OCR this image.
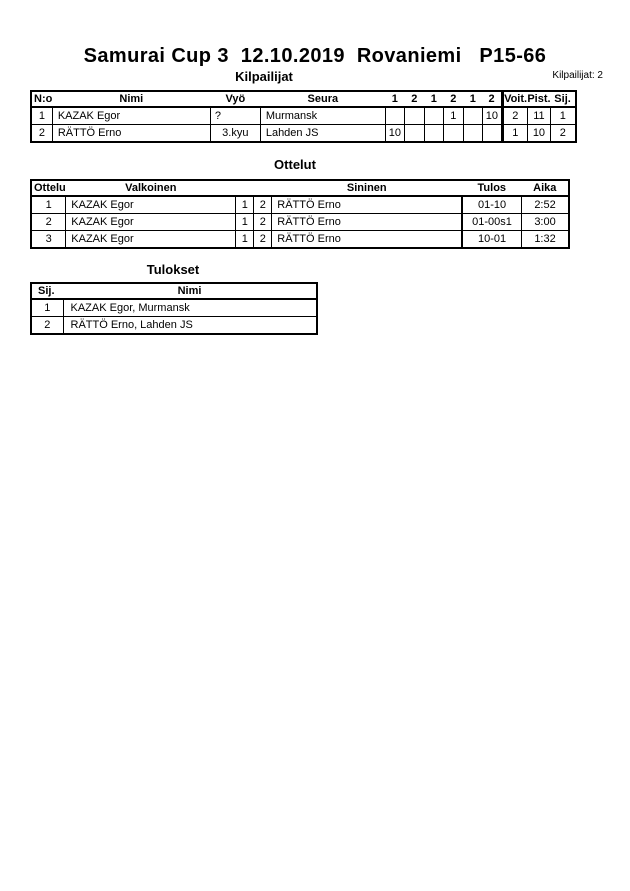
Samurai Cup 3  12.10.2019  Rovaniemi   P15-66
Kilpailijat	Kilpailijat: 2
N:o	Nimi	Vyö	Seura	1	2	1	2	1	2	Voit.	Pist.	Sij.
1	KAZAK Egor	?	Murmansk				1		10	2	11	1
2	RÄTTÖ Erno	3.kyu	Lahden JS	10						1	10	2
Ottelut
Ottelu	Valkoinen			Sininen	Tulos	Aika
1	KAZAK Egor	1	2	RÄTTÖ Erno	01-10	2:52
2	KAZAK Egor	1	2	RÄTTÖ Erno	01-00s1	3:00
3	KAZAK Egor	1	2	RÄTTÖ Erno	10-01	1:32
Tulokset
Sij.	Nimi
1	KAZAK Egor, Murmansk
2	RÄTTÖ Erno, Lahden JS
